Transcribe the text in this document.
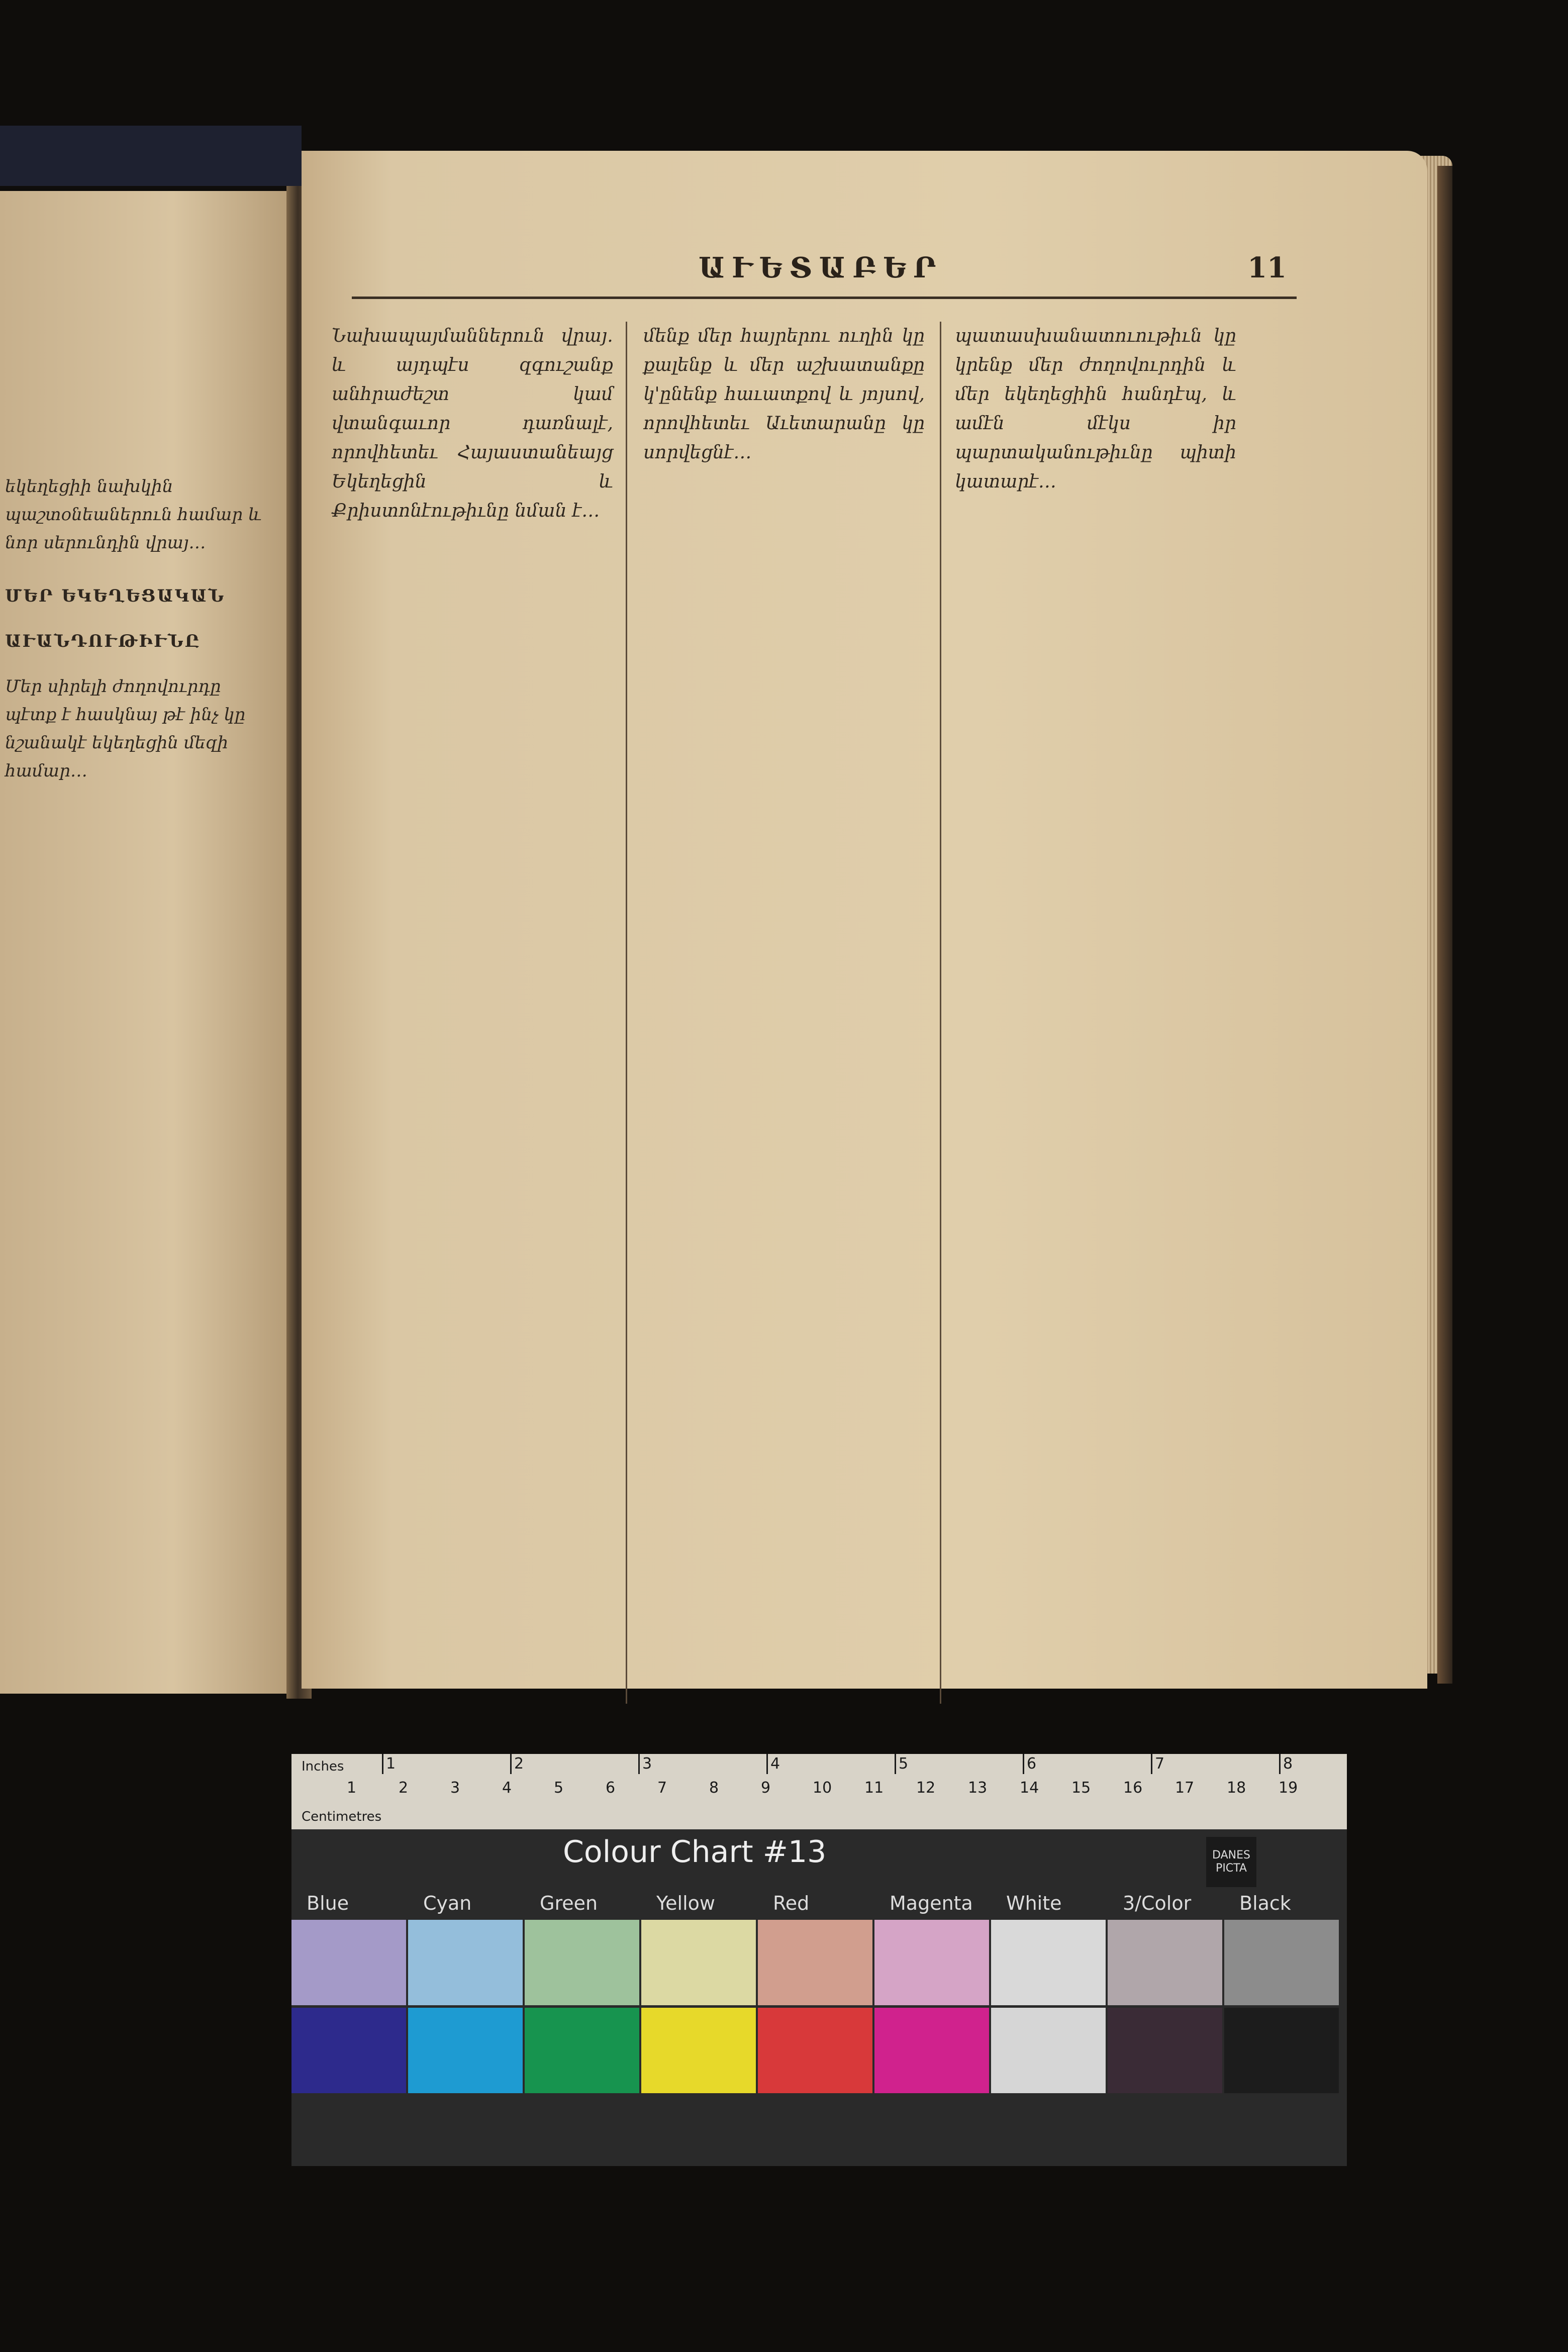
եկեղեցիի նախկին պաշտօնեաներուն համար և նոր սերունդին վրայ…

ՄԵՐ ԵԿԵՂԵՑԱԿԱՆ

ԱՒԱՆԴՈՒԹԻՒՆԸ

Մեր սիրելի ժողովուրդը պէտք է հասկնայ թէ ինչ կը նշանակէ եկեղեցին մեզի համար…

ԱՒԵՏԱԲԵՐ	11

Նախապայմաններուն վրայ․ և այդպէս զգուշանք անհրաժեշտ կամ վտանգաւոր դառնալէ, որովհետեւ Հայաստանեայց Եկեղեցին և Քրիստոնէութիւնը նման է…

մենք մեր հայրերու ուղին կը քալենք և մեր աշխատանքը կ'ընենք հաւատքով և յոյսով, որովհետեւ Աւետարանը կը սորվեցնէ…

պատասխանատուութիւն կը կրենք մեր ժողովուրդին և մեր եկեղեցիին հանդէպ, և ամէն մէկս իր պարտականութիւնը պիտի կատարէ…

Inches
Centimetres
1	2	3	4	5	6	7	8
1	2	3	4	5	6	7	8	9	10 11 12 13 14 15 16 17 18 19
Colour Chart #13	DANES PICTA
Blue	Cyan	Green	Yellow	Red	Magenta White	3/Color	Black
